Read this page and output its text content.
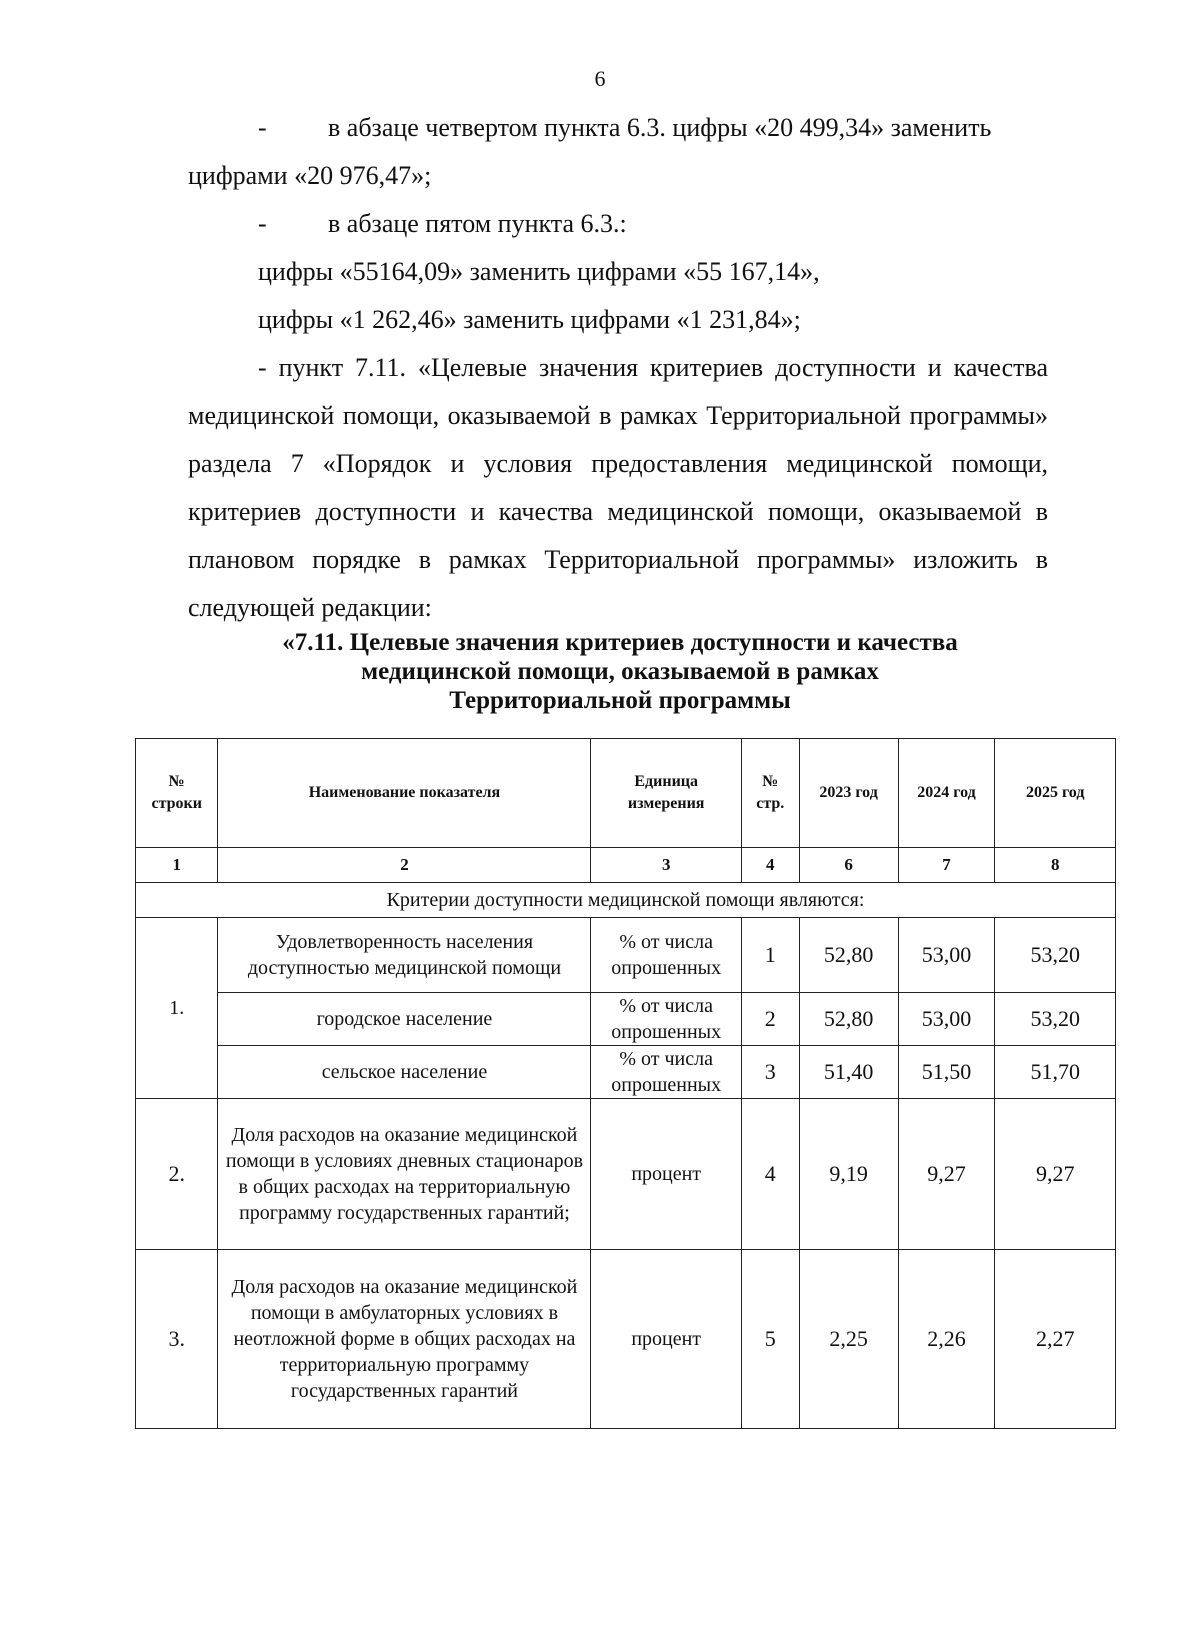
6

- в абзаце четвертом пункта 6.3. цифры «20 499,34» заменить

цифрами «20 976,47»;

- в абзаце пятом пункта 6.3.:

цифры «55164,09» заменить цифрами «55 167,14»,

цифры «1 262,46» заменить цифрами «1 231,84»;

- пункт 7.11. «Целевые значения критериев доступности и качества медицинской помощи, оказываемой в рамках Территориальной программы» раздела 7 «Порядок и условия предоставления медицинской помощи, критериев доступности и качества медицинской помощи, оказываемой в плановом порядке в рамках Территориальной программы» изложить в следующей редакции:

«7.11. Целевые значения критериев доступности и качества
медицинской помощи, оказываемой в рамках
Территориальной программы
№ строки	Наименование показателя	Единица измерения	№ стр.	2023 год	2024 год	2025 год
1	2	3	4	6	7	8
Критерии доступности медицинской помощи являются:						
1.	Удовлетворенность населения доступностью медицинской помощи	% от числа опрошенных	1	52,80	53,00	53,20
	городское население	% от числа опрошенных	2	52,80	53,00	53,20
	сельское население	% от числа опрошенных	3	51,40	51,50	51,70
2.	Доля расходов на оказание медицинской помощи в условиях дневных стационаров в общих расходах на территориальную программу государственных гарантий;	процент	4	9,19	9,27	9,27
3.	Доля расходов на оказание медицинской помощи в амбулаторных условиях в неотложной форме в общих расходах на территориальную программу государственных гарантий	процент	5	2,25	2,26	2,27
